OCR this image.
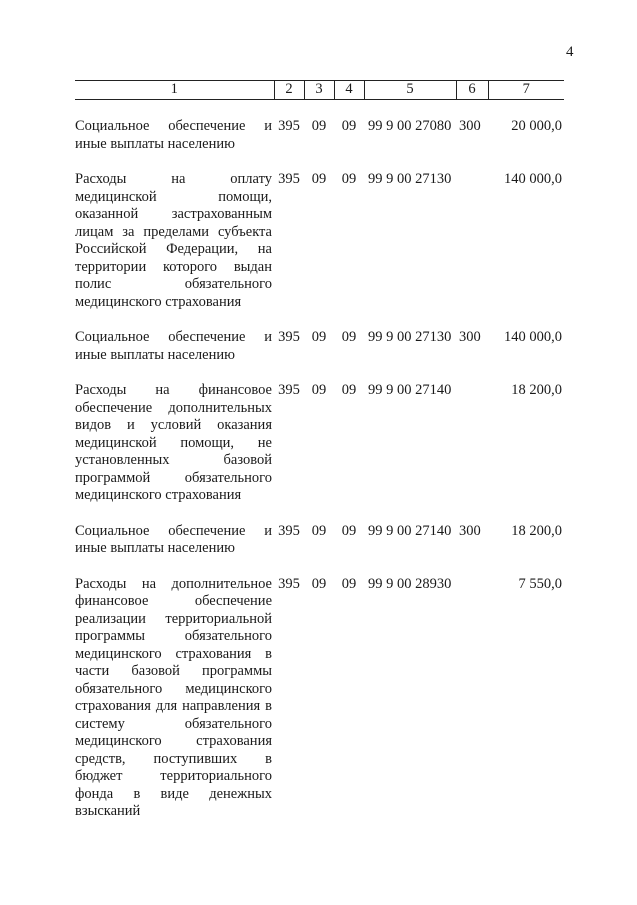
4
1	2	3	4	5	6	7

Социальное обеспечение и иные выплаты населению	395	09	09	99 9 00 27080	300	20 000,0

Расходы на оплату медицинской помощи, оказанной застрахованным лицам за пределами субъекта Российской Федерации, на территории которого выдан полис обязательного медицинского страхования	395	09	09	99 9 00 27130		140 000,0

Социальное обеспечение и иные выплаты населению	395	09	09	99 9 00 27130	300	140 000,0

Расходы на финансовое обеспечение дополнительных видов и условий оказания медицинской помощи, не установленных базовой программой обязательного медицинского страхования	395	09	09	99 9 00 27140		18 200,0

Социальное обеспечение и иные выплаты населению	395	09	09	99 9 00 27140	300	18 200,0

Расходы на дополнительное финансовое обеспечение реализации территориальной программы обязательного медицинского страхования в части базовой программы обязательного медицинского страхования для направления в систему обязательного медицинского страхования средств, поступивших в бюджет территориального фонда в виде денежных взысканий	395	09	09	99 9 00 28930		7 550,0
